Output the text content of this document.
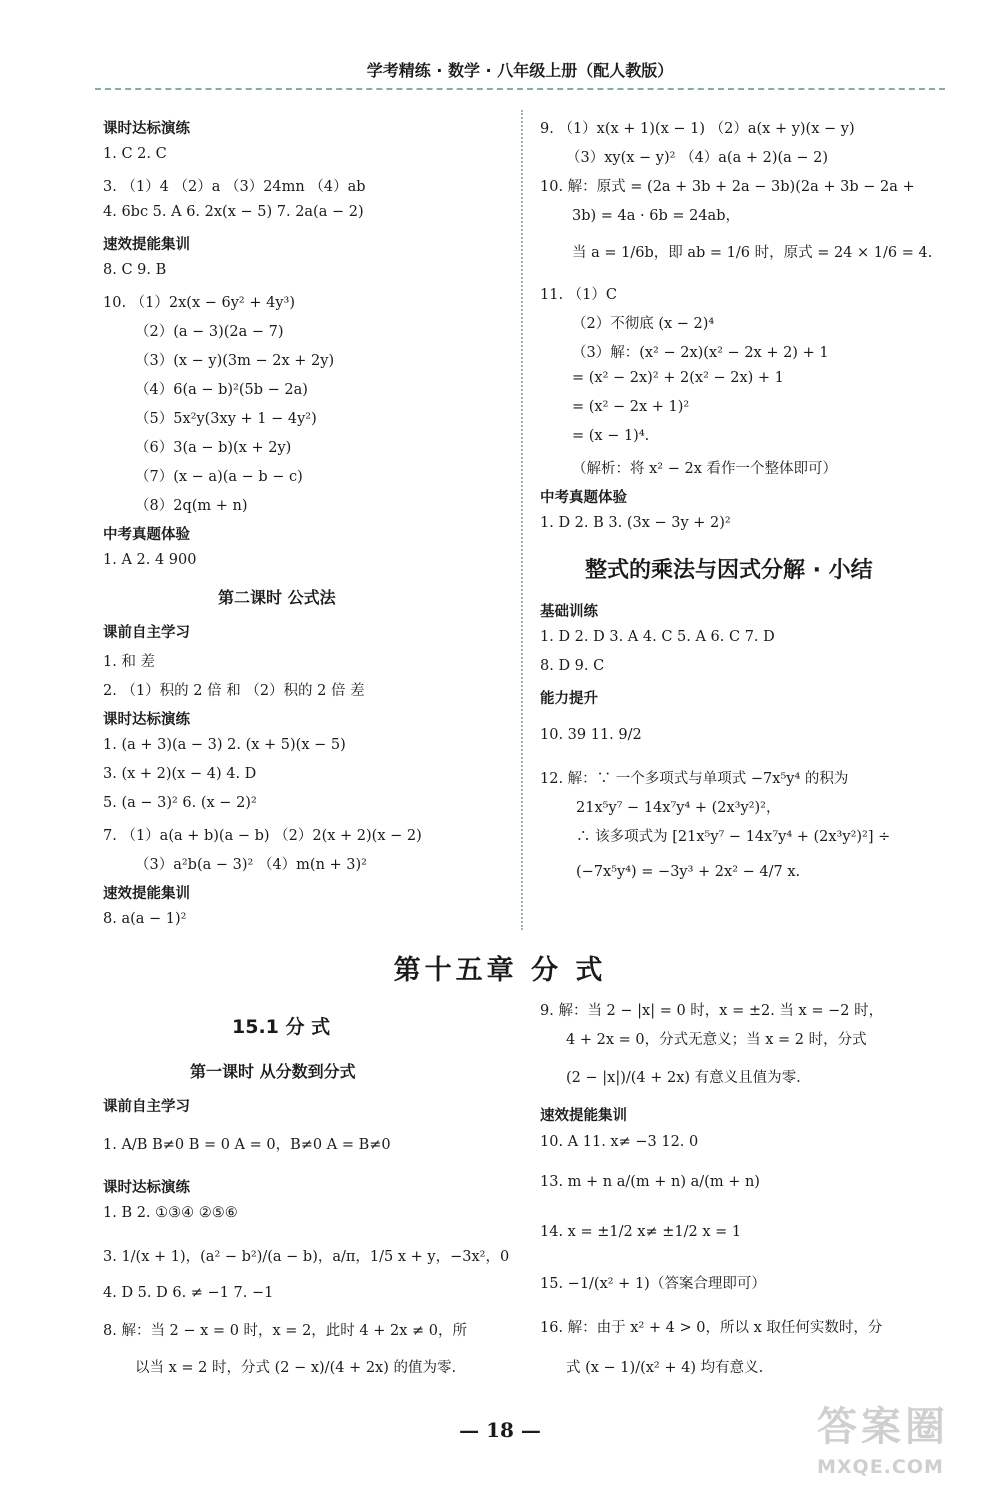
学考精练 · 数学 · 八年级上册（配人教版）
课时达标演练
1. C 2. C
3. （1）4 （2）a （3）24mn （4）ab
4. 6bc 5. A 6. 2x(x − 5) 7. 2a(a − 2)
速效提能集训
8. C 9. B
10. （1）2x(x − 6y² + 4y³)
（2）(a − 3)(2a − 7)
（3）(x − y)(3m − 2x + 2y)
（4）6(a − b)²(5b − 2a)
（5）5x²y(3xy + 1 − 4y²)
（6）3(a − b)(x + 2y)
（7）(x − a)(a − b − c)
（8）2q(m + n)
中考真题体验
1. A 2. 4 900
第二课时 公式法
课前自主学习
1. 和 差
2. （1）积的 2 倍 和 （2）积的 2 倍 差
课时达标演练
1. (a + 3)(a − 3) 2. (x + 5)(x − 5)
3. (x + 2)(x − 4) 4. D
5. (a − 3)² 6. (x − 2)²
7. （1）a(a + b)(a − b) （2）2(x + 2)(x − 2)
（3）a²b(a − 3)² （4）m(n + 3)²
速效提能集训
8. a(a − 1)²
9. （1）x(x + 1)(x − 1) （2）a(x + y)(x − y)
（3）xy(x − y)² （4）a(a + 2)(a − 2)
10. 解：原式 = (2a + 3b + 2a − 3b)(2a + 3b − 2a +
3b) = 4a · 6b = 24ab，
当 a = 1/6b，即 ab = 1/6 时，原式 = 24 × 1/6 = 4.
11. （1）C
（2）不彻底 (x − 2)⁴
（3）解：(x² − 2x)(x² − 2x + 2) + 1
= (x² − 2x)² + 2(x² − 2x) + 1
= (x² − 2x + 1)²
= (x − 1)⁴.
（解析：将 x² − 2x 看作一个整体即可）
中考真题体验
1. D 2. B 3. (3x − 3y + 2)²
整式的乘法与因式分解 · 小结
基础训练
1. D 2. D 3. A 4. C 5. A 6. C 7. D
8. D 9. C
能力提升
10. 39 11. 9/2
12. 解：∵ 一个多项式与单项式 −7x⁵y⁴ 的积为
21x⁵y⁷ − 14x⁷y⁴ + (2x³y²)²，
∴ 该多项式为 [21x⁵y⁷ − 14x⁷y⁴ + (2x³y²)²] ÷
(−7x⁵y⁴) = −3y³ + 2x² − 4/7 x.
第十五章 分 式
15.1 分 式
第一课时 从分数到分式
课前自主学习
1. A/B B≠0 B = 0 A = 0，B≠0 A = B≠0
课时达标演练
1. B 2. ①③④ ②⑤⑥
3. 1/(x + 1)，(a² − b²)/(a − b)，a/π，1/5 x + y，−3x²，0
4. D 5. D 6. ≠ −1 7. −1
8. 解：当 2 − x = 0 时，x = 2，此时 4 + 2x ≠ 0，所
以当 x = 2 时，分式 (2 − x)/(4 + 2x) 的值为零.
9. 解：当 2 − |x| = 0 时，x = ±2. 当 x = −2 时，
4 + 2x = 0，分式无意义；当 x = 2 时，分式
(2 − |x|)/(4 + 2x) 有意义且值为零.
速效提能集训
10. A 11. x≠ −3 12. 0
13. m + n a/(m + n) a/(m + n)
14. x = ±1/2 x≠ ±1/2 x = 1
15. −1/(x² + 1)（答案合理即可）
16. 解：由于 x² + 4 > 0，所以 x 取任何实数时，分
式 (x − 1)/(x² + 4) 均有意义.
— 18 —	答案圈
MXQE.COM
